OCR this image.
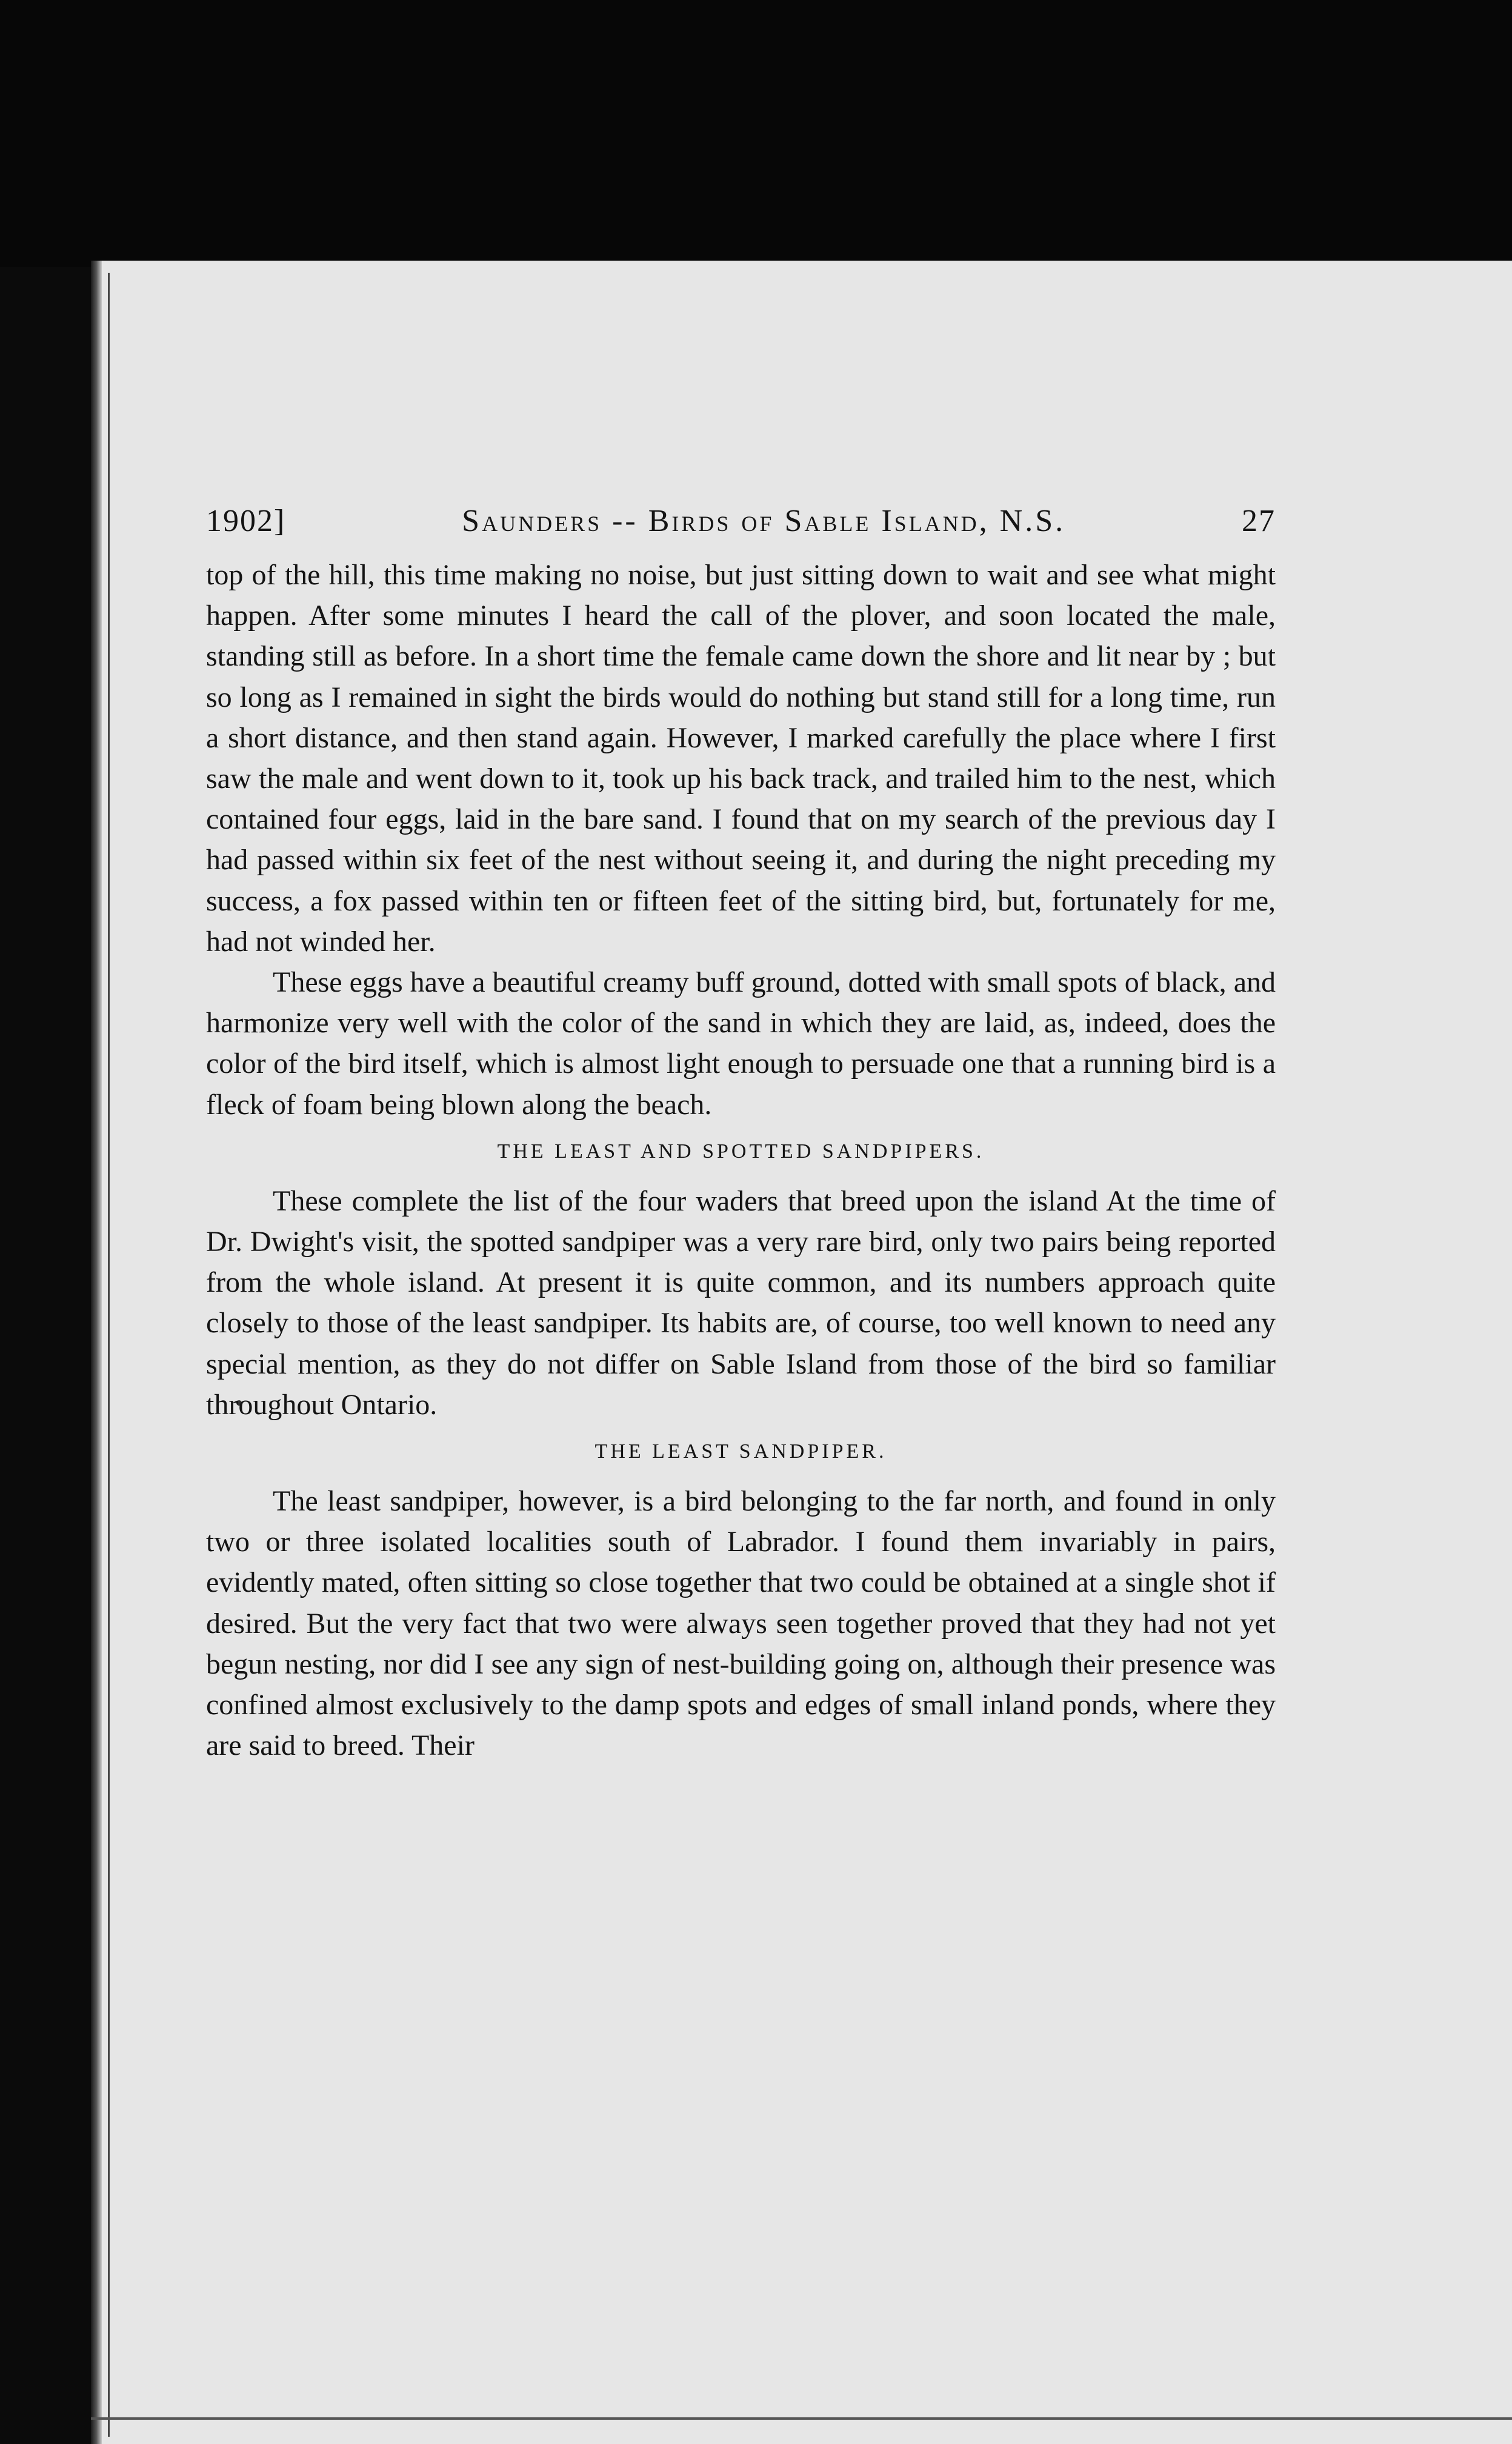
1902]	Saunders -- Birds of Sable Island, N.S.	27

top of the hill, this time making no noise, but just sitting down to wait and see what might happen. After some minutes I heard the call of the plover, and soon located the male, standing still as before. In a short time the female came down the shore and lit near by ; but so long as I remained in sight the birds would do nothing but stand still for a long time, run a short distance, and then stand again. However, I marked carefully the place where I first saw the male and went down to it, took up his back track, and trailed him to the nest, which contained four eggs, laid in the bare sand. I found that on my search of the previous day I had passed within six feet of the nest without seeing it, and during the night preceding my success, a fox passed within ten or fifteen feet of the sitting bird, but, fortunately for me, had not winded her.

These eggs have a beautiful creamy buff ground, dotted with small spots of black, and harmonize very well with the color of the sand in which they are laid, as, indeed, does the color of the bird itself, which is almost light enough to persuade one that a running bird is a fleck of foam being blown along the beach.

THE LEAST AND SPOTTED SANDPIPERS.

These complete the list of the four waders that breed upon the island At the time of Dr. Dwight's visit, the spotted sandpiper was a very rare bird, only two pairs being reported from the whole island. At present it is quite common, and its numbers approach quite closely to those of the least sandpiper. Its habits are, of course, too well known to need any special mention, as they do not differ on Sable Island from those of the bird so familiar throughout Ontario.

THE LEAST SANDPIPER.

The least sandpiper, however, is a bird belonging to the far north, and found in only two or three isolated localities south of Labrador. I found them invariably in pairs, evidently mated, often sitting so close together that two could be obtained at a single shot if desired. But the very fact that two were always seen together proved that they had not yet begun nesting, nor did I see any sign of nest-building going on, although their presence was confined almost exclusively to the damp spots and edges of small inland ponds, where they are said to breed. Their
